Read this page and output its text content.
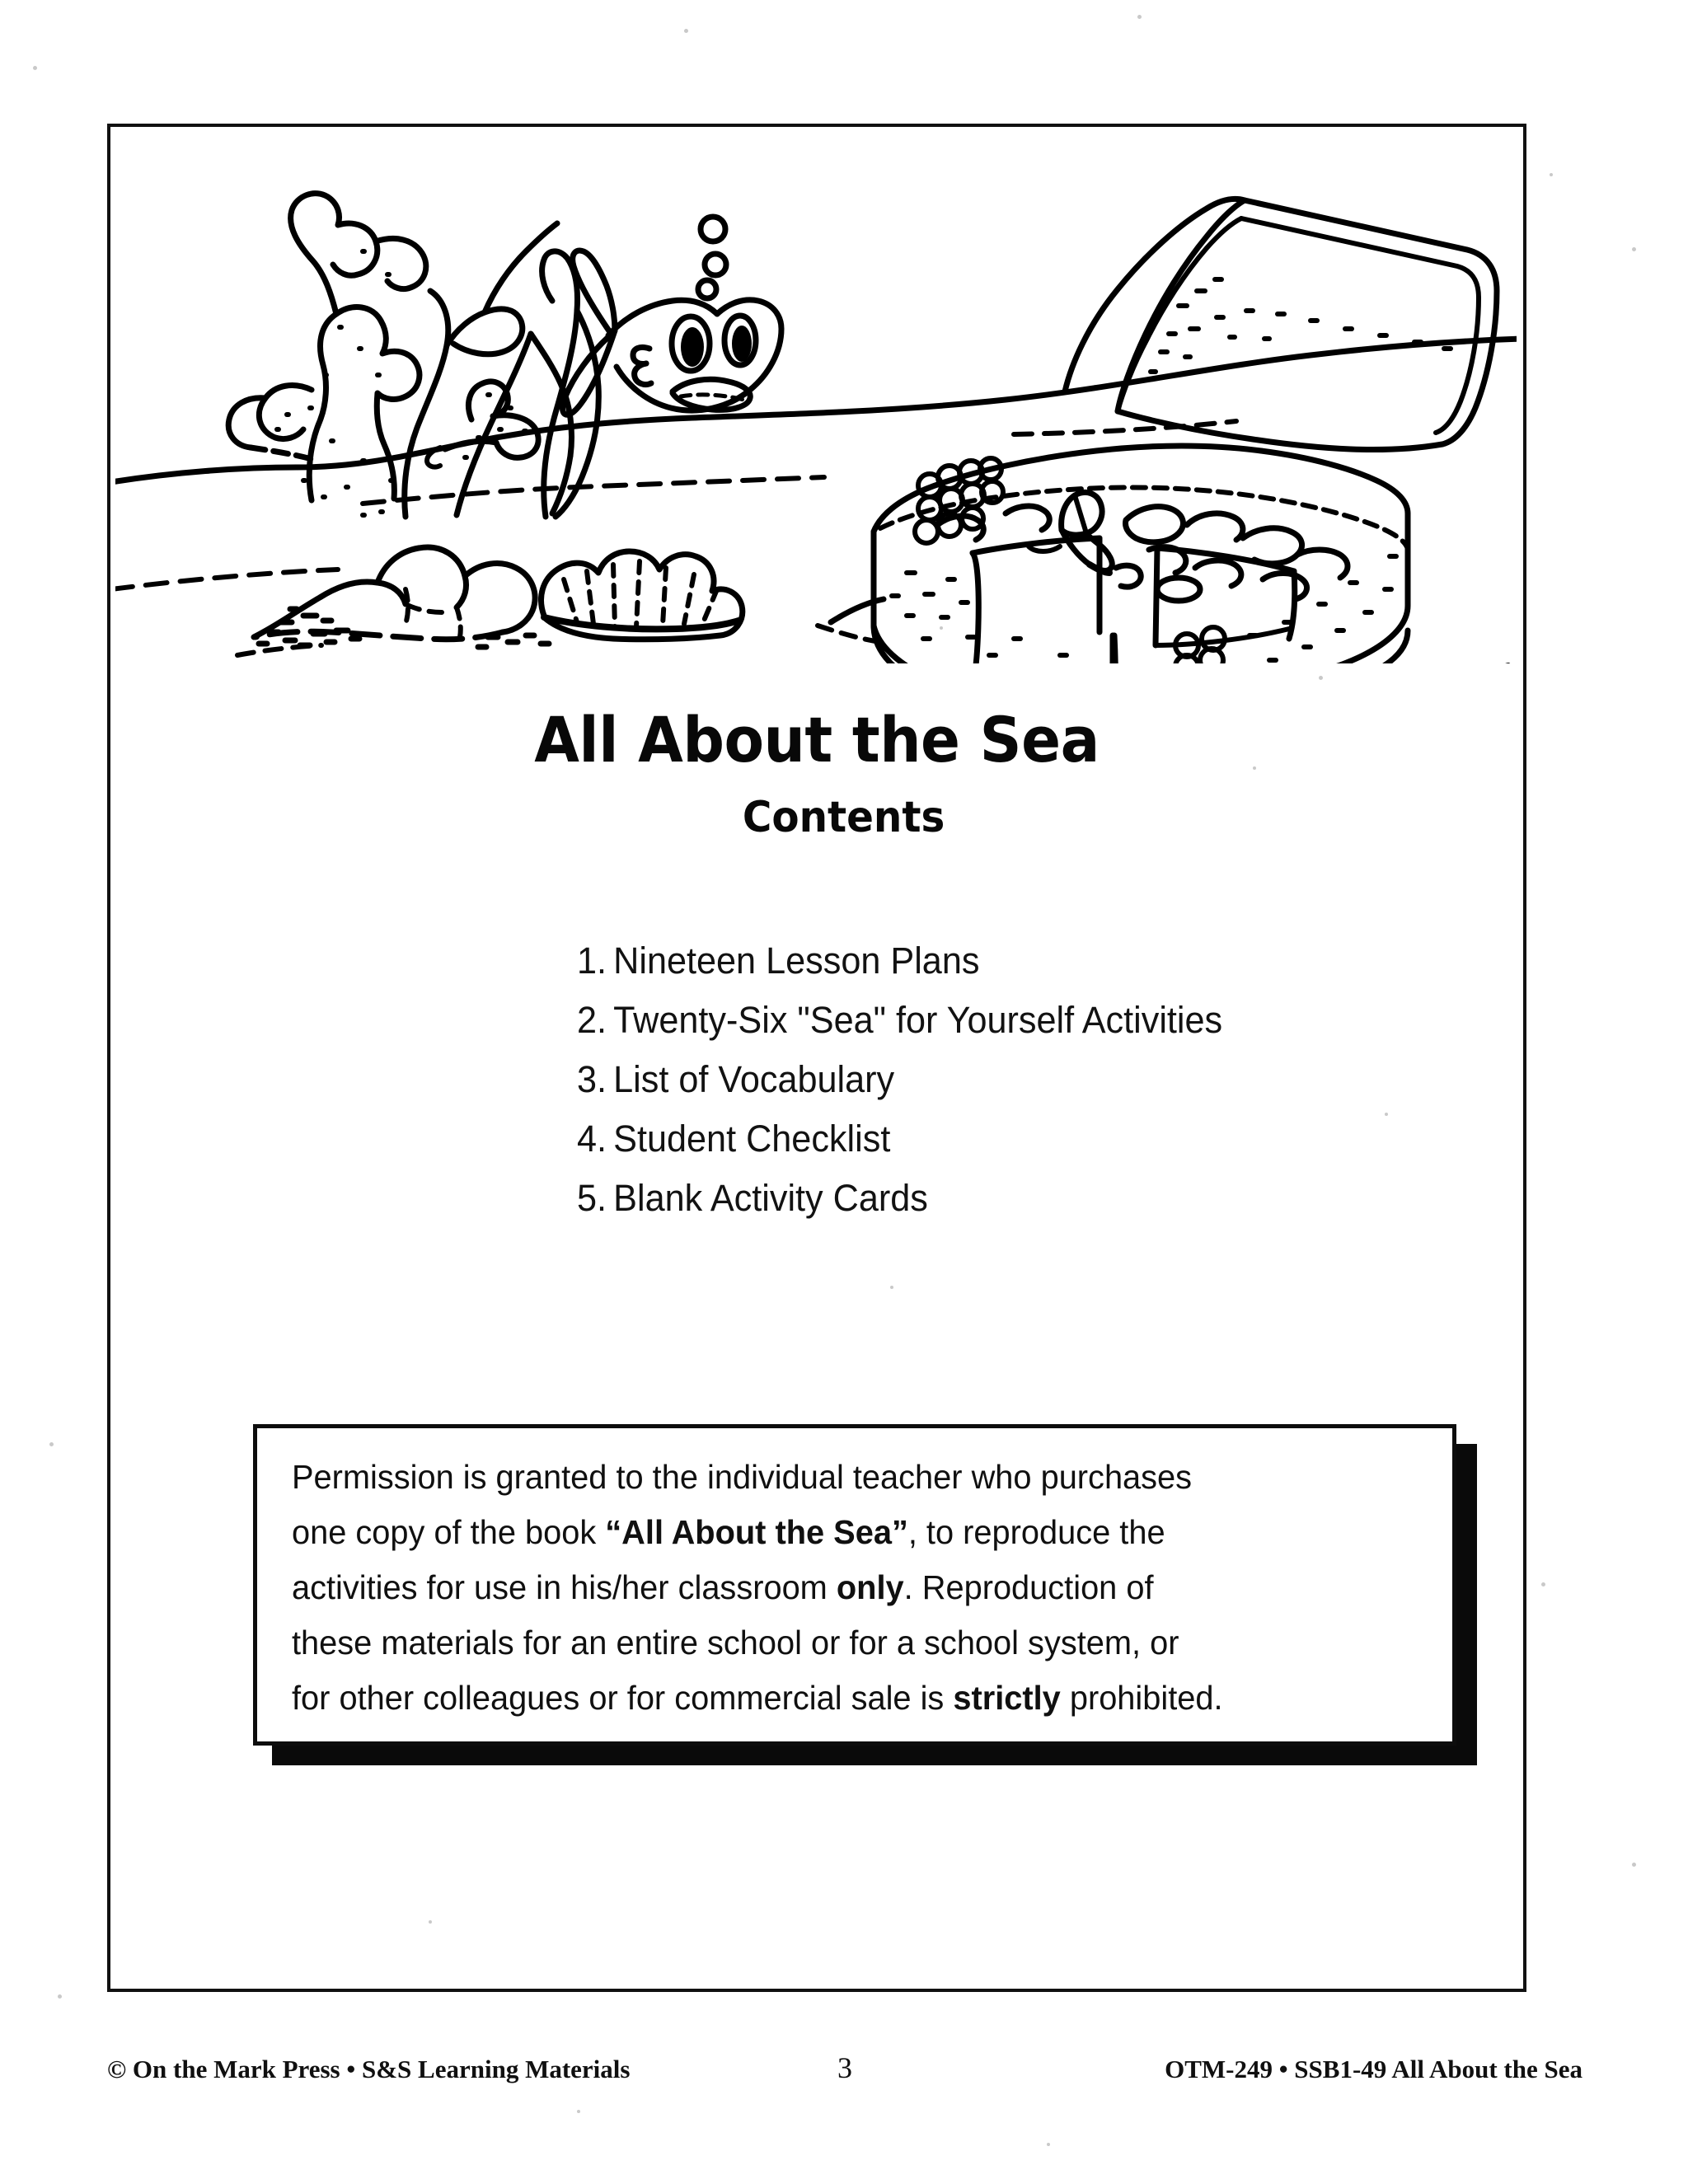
All About the Sea
Contents
1. Nineteen Lesson Plans
2. Twenty-Six "Sea" for Yourself Activities
3. List of Vocabulary
4. Student Checklist
5. Blank Activity Cards
Permission is granted to the individual teacher who purchases
one copy of the book “All About the Sea”, to reproduce the
activities for use in his/her classroom only. Reproduction of
these materials for an entire school or for a school system, or
for other colleagues or for commercial sale is strictly prohibited.
© On the Mark Press • S&S Learning Materials	3	OTM-249 • SSB1-49 All About the Sea
